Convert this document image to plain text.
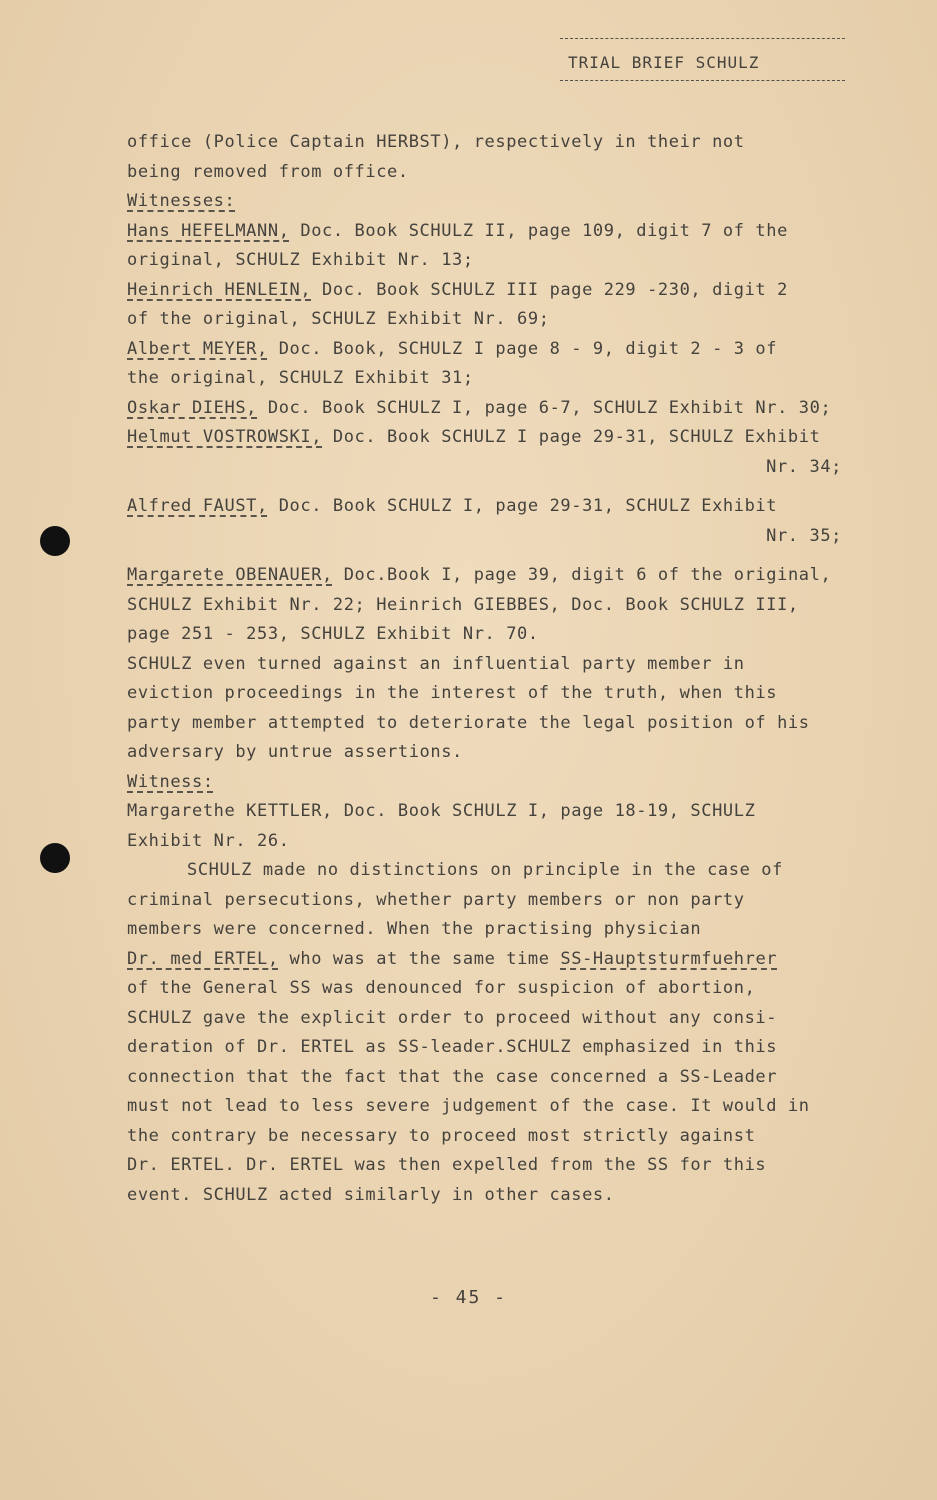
TRIAL BRIEF SCHULZ
office (Police Captain HERBST), respectively in their not
being removed from office.
Witnesses:
Hans HEFELMANN, Doc. Book SCHULZ II, page 109, digit 7 of the
original, SCHULZ Exhibit Nr. 13;
Heinrich HENLEIN, Doc. Book SCHULZ III page 229 -230, digit 2
of the original, SCHULZ Exhibit Nr. 69;
Albert MEYER, Doc. Book, SCHULZ I page 8 - 9, digit 2 - 3 of
the original, SCHULZ Exhibit 31;
Oskar DIEHS, Doc. Book SCHULZ I, page 6-7, SCHULZ Exhibit Nr. 30;
Helmut VOSTROWSKI, Doc. Book SCHULZ I page 29-31, SCHULZ Exhibit
Nr. 34;
Alfred FAUST, Doc. Book SCHULZ I, page 29-31, SCHULZ Exhibit
Nr. 35;
Margarete OBENAUER, Doc.Book I, page 39, digit 6 of the original,
SCHULZ Exhibit Nr. 22; Heinrich GIEBBES, Doc. Book SCHULZ III,
page 251 - 253, SCHULZ Exhibit Nr. 70.
SCHULZ even turned against an influential party member in
eviction proceedings in the interest of the truth, when this
party member attempted to deteriorate the legal position of his
adversary by untrue assertions.
Witness:
Margarethe KETTLER, Doc. Book SCHULZ I, page 18-19, SCHULZ
Exhibit Nr. 26.
SCHULZ made no distinctions on principle in the case of
criminal persecutions, whether party members or non party
members were concerned. When the practising physician
Dr. med ERTEL, who was at the same time SS-Hauptsturmfuehrer
of the General SS was denounced for suspicion of abortion,
SCHULZ gave the explicit order to proceed without any consi-
deration of Dr. ERTEL as SS-leader.SCHULZ emphasized in this
connection that the fact that the case concerned a SS-Leader
must not lead to less severe judgement of the case. It would in
the contrary be necessary to proceed most strictly against
Dr. ERTEL. Dr. ERTEL was then expelled from the SS for this
event. SCHULZ acted similarly in other cases.
- 45 -
